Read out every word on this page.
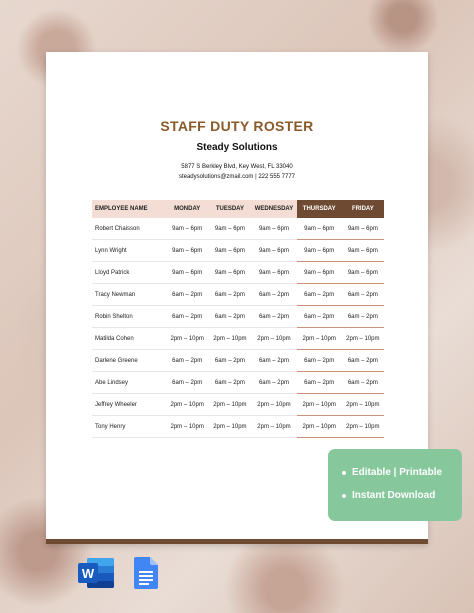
STAFF DUTY ROSTER
Steady Solutions
5877 S Berkley Blvd, Key West, FL 33040
steadysolutions@zmail.com | 222 555 7777
EMPLOYEE NAME	MONDAY	TUESDAY	WEDNESDAY	THURSDAY	FRIDAY
Robert Chaisson	9am – 6pm	9am – 6pm	9am – 6pm	9am – 6pm	9am – 6pm
Lynn Wright	9am – 6pm	9am – 6pm	9am – 6pm	9am – 6pm	9am – 6pm
Lloyd Patrick	9am – 6pm	9am – 6pm	9am – 6pm	9am – 6pm	9am – 6pm
Tracy Newman	6am – 2pm	6am – 2pm	6am – 2pm	6am – 2pm	6am – 2pm
Robin Shelton	6am – 2pm	6am – 2pm	6am – 2pm	6am – 2pm	6am – 2pm
Matilda Cohen	2pm – 10pm	2pm – 10pm	2pm – 10pm	2pm – 10pm	2pm – 10pm
Darlene Greene	6am – 2pm	6am – 2pm	6am – 2pm	6am – 2pm	6am – 2pm
Abe Lindsey	6am – 2pm	6am – 2pm	6am – 2pm	6am – 2pm	6am – 2pm
Jeffrey Wheeler	2pm – 10pm	2pm – 10pm	2pm – 10pm	2pm – 10pm	2pm – 10pm
Tony Henry	2pm – 10pm	2pm – 10pm	2pm – 10pm	2pm – 10pm	2pm – 10pm
Editable | Printable
Instant Download
W
